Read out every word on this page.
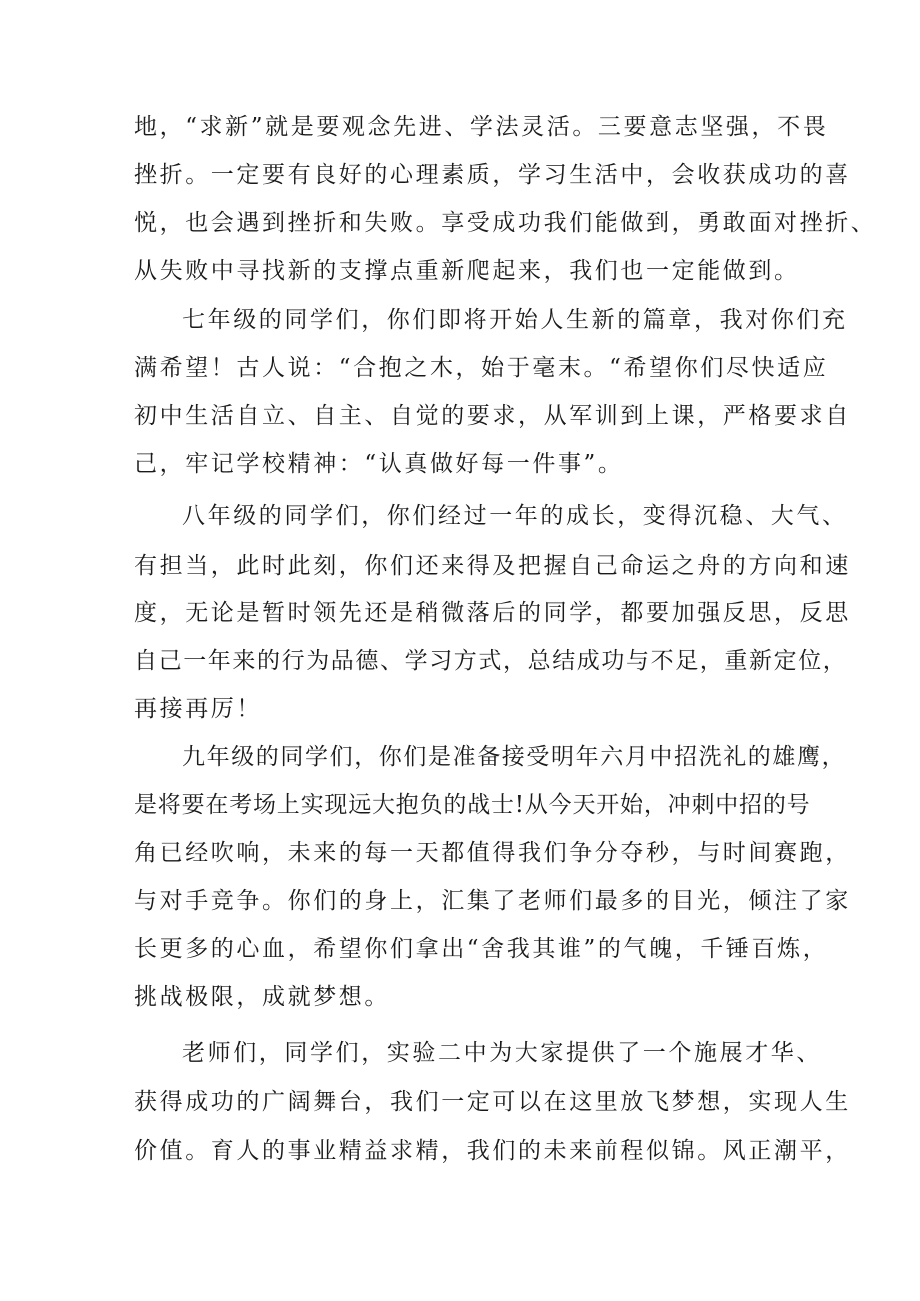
地，“求新”就是要观念先进、学法灵活。三要意志坚强，不畏
挫折。一定要有良好的心理素质，学习生活中，会收获成功的喜
悦，也会遇到挫折和失败。享受成功我们能做到，勇敢面对挫折、
从失败中寻找新的支撑点重新爬起来，我们也一定能做到。
七年级的同学们，你们即将开始人生新的篇章，我对你们充
满希望！古人说：“合抱之木，始于毫末。“希望你们尽快适应
初中生活自立、自主、自觉的要求，从军训到上课，严格要求自
己，牢记学校精神：“认真做好每一件事”。
八年级的同学们，你们经过一年的成长，变得沉稳、大气、
有担当，此时此刻，你们还来得及把握自己命运之舟的方向和速
度，无论是暂时领先还是稍微落后的同学，都要加强反思，反思
自己一年来的行为品德、学习方式，总结成功与不足，重新定位，
再接再厉！
九年级的同学们，你们是准备接受明年六月中招洗礼的雄鹰，
是将要在考场上实现远大抱负的战士!从今天开始，冲刺中招的号
角已经吹响，未来的每一天都值得我们争分夺秒，与时间赛跑，
与对手竞争。你们的身上，汇集了老师们最多的目光，倾注了家
长更多的心血，希望你们拿出“舍我其谁”的气魄，千锤百炼，
挑战极限，成就梦想。
老师们，同学们，实验二中为大家提供了一个施展才华、
获得成功的广阔舞台，我们一定可以在这里放飞梦想，实现人生
价值。育人的事业精益求精，我们的未来前程似锦。风正潮平，
